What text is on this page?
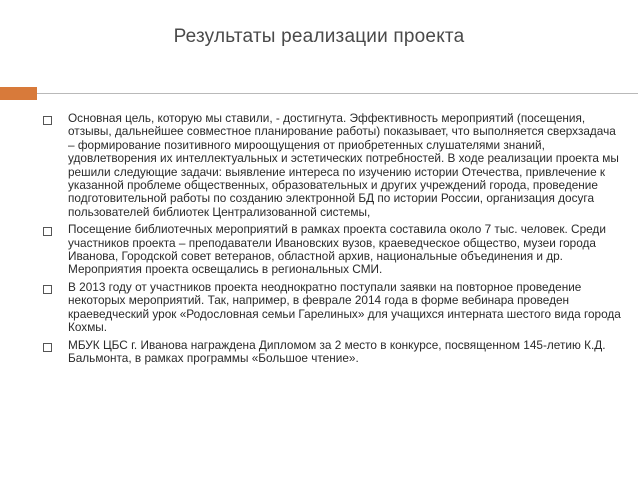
Результаты реализации проекта
Основная цель, которую мы ставили, - достигнута. Эффективность мероприятий (посещения, отзывы, дальнейшее совместное планирование работы) показывает, что выполняется сверхзадача – формирование позитивного мироощущения от приобретенных слушателями знаний, удовлетворения их интеллектуальных и эстетических потребностей. В ходе реализации проекта мы решили следующие задачи: выявление интереса по изучению истории Отечества, привлечение к указанной проблеме общественных, образовательных и других учреждений города, проведение подготовительной работы по созданию электронной БД по истории России, организация досуга пользователей библиотек Централизованной системы,
Посещение библиотечных мероприятий в рамках проекта составила около 7 тыс. человек. Среди участников проекта – преподаватели Ивановских вузов, краеведческое общество, музеи города Иванова, Городской совет ветеранов, областной архив, национальные объединения и др. Мероприятия проекта освещались в региональных СМИ.
В 2013 году от участников проекта неоднократно поступали заявки на повторное проведение некоторых мероприятий. Так, например, в феврале 2014 года в форме вебинара проведен краеведческий урок «Родословная семьи Гарелиных» для учащихся интерната шестого вида города Кохмы.
МБУК ЦБС г. Иванова награждена Дипломом за 2 место в конкурсе, посвященном 145-летию К.Д. Бальмонта, в рамках программы «Большое чтение».
